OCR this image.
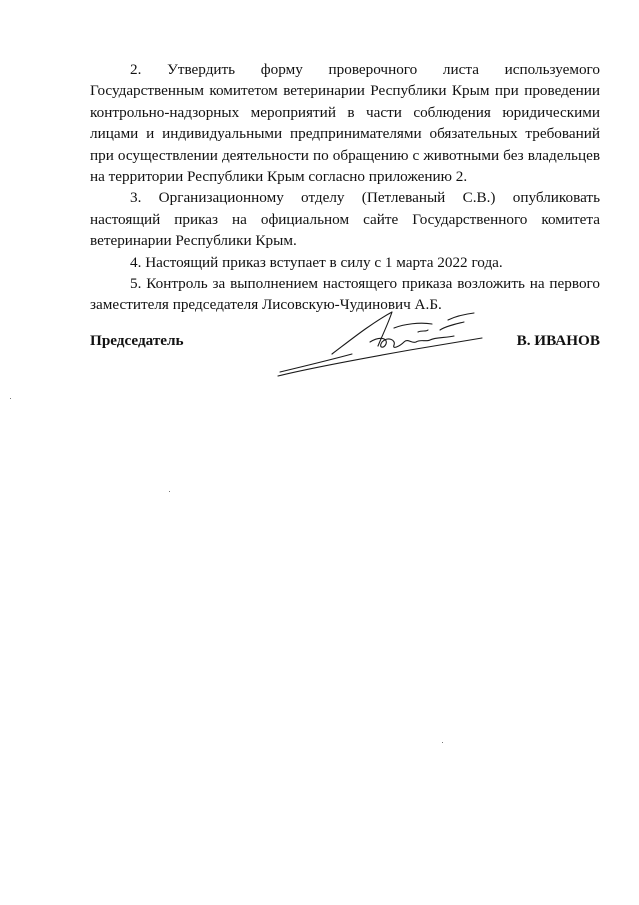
2. Утвердить форму проверочного листа используемого Государственным комитетом ветеринарии Республики Крым при проведении контрольно-надзорных мероприятий в части соблюдения юридическими лицами и индивидуальными предпринимателями обязательных требований при осуществлении деятельности по обращению с животными без владельцев на территории Республики Крым согласно приложению 2.

3. Организационному отделу (Петлеваный С.В.) опубликовать настоящий приказ на официальном сайте Государственного комитета ветеринарии Республики Крым.

4. Настоящий приказ вступает в силу с 1 марта 2022 года.

5. Контроль за выполнением настоящего приказа возложить на первого заместителя председателя Лисовскую-Чудинович А.Б.

Председатель	В. ИВАНОВ
